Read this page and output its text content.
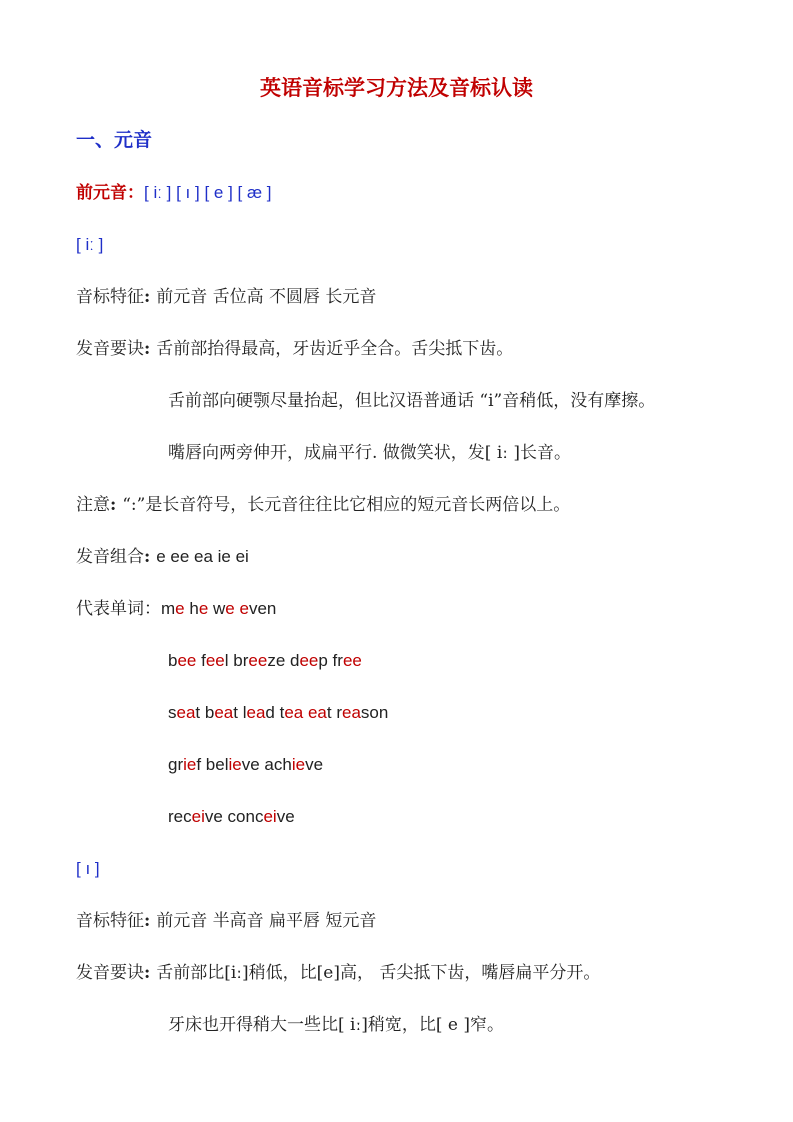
英语音标学习方法及音标认读
一、元音
前元音：[ iː ] [ ı ] [ e ] [ æ ]
[ iː ]
音标特征: 前元音 舌位高 不圆唇 长元音
发音要诀: 舌前部抬得最高，牙齿近乎全合。舌尖抵下齿。
舌前部向硬颚尽量抬起，但比汉语普通话 “i”音稍低，没有摩擦。
嘴唇向两旁伸开，成扁平行. 做微笑状，发[ iː ]长音。
注意: “:”是长音符号，长元音往往比它相应的短元音长两倍以上。
发音组合: e ee ea ie ei
代表单词：me he we even
bee feel breeze deep free
seat beat lead tea eat reason
grief believe achieve
receive conceive
[ ı ]
音标特征: 前元音 半高音 扁平唇 短元音
发音要诀: 舌前部比[iː]稍低，比[e]高， 舌尖抵下齿，嘴唇扁平分开。
牙床也开得稍大一些比[ iː]稍宽，比[ e ]窄。
